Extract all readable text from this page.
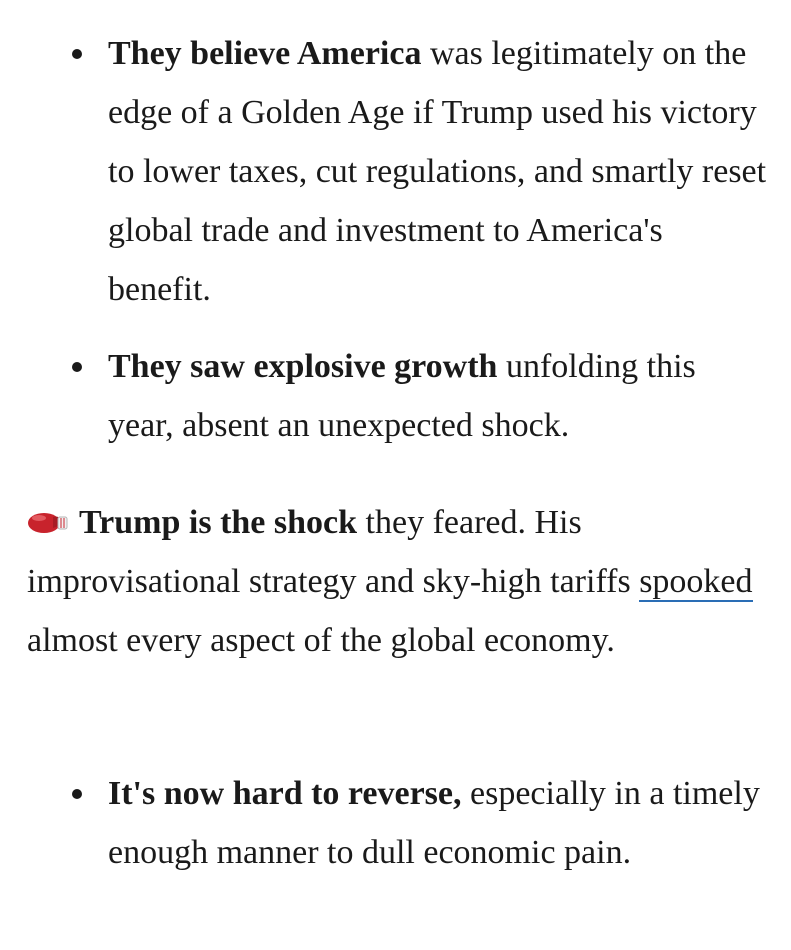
They believe America was legitimately on the edge of a Golden Age if Trump used his victory to lower taxes, cut regulations, and smartly reset global trade and investment to America's benefit.
They saw explosive growth unfolding this year, absent an unexpected shock.

Trump is the shock they feared. His improvisational strategy and sky-high tariffs spooked almost every aspect of the global economy.

It's now hard to reverse, especially in a timely enough manner to dull economic pain.
